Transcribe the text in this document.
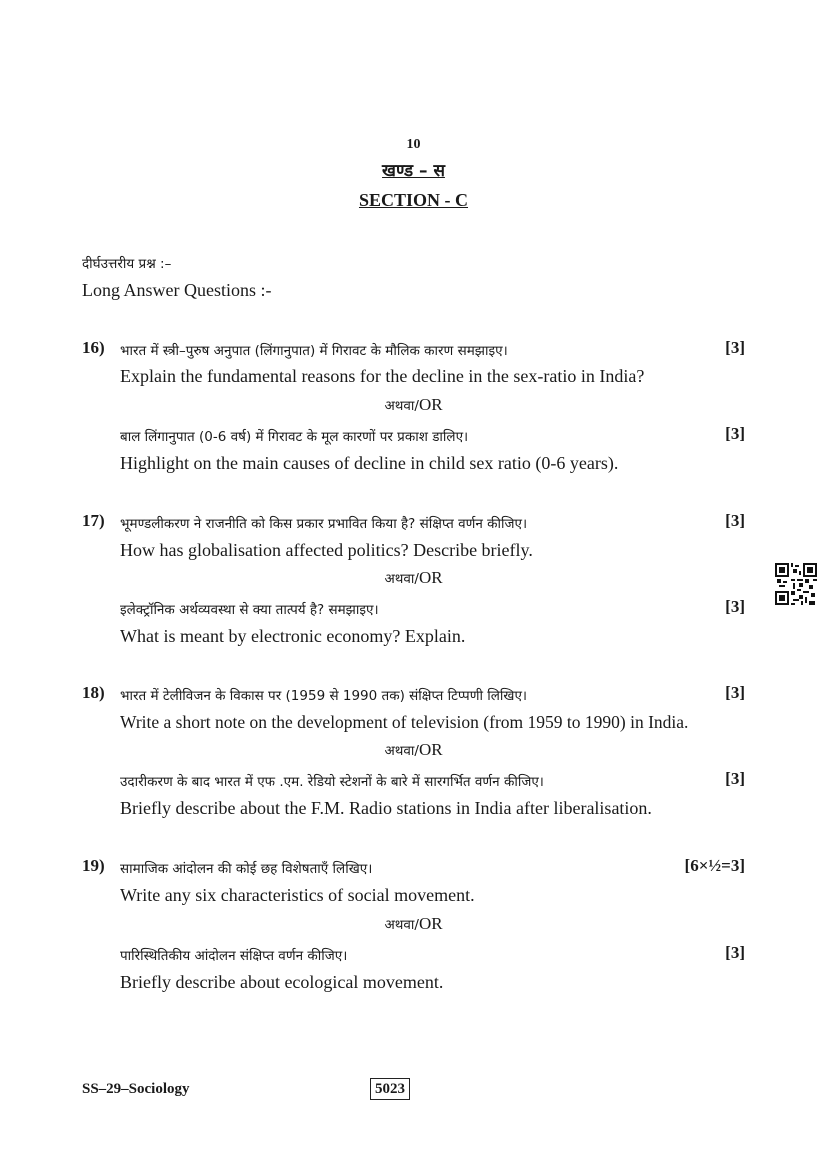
10
खण्ड – स
SECTION - C
दीर्घउत्तरीय प्रश्न :–
Long Answer Questions :-
16) भारत में स्त्री–पुरुष अनुपात (लिंगानुपात) में गिरावट के मौलिक कारण समझाइए।	[3]
Explain the fundamental reasons for the decline in the sex-ratio in India?
अथवा/OR
बाल लिंगानुपात (0-6 वर्ष) में गिरावट के मूल कारणों पर प्रकाश डालिए।	[3]
Highlight on the main causes of decline in child sex ratio (0-6 years).
17) भूमण्डलीकरण ने राजनीति को किस प्रकार प्रभावित किया है? संक्षिप्त वर्णन कीजिए।	[3]
How has globalisation affected politics? Describe briefly.
अथवा/OR
इलेक्ट्रॉनिक अर्थव्यवस्था से क्या तात्पर्य है? समझाइए।	[3]
What is meant by electronic economy? Explain.
18) भारत में टेलीविजन के विकास पर (1959 से 1990 तक) संक्षिप्त टिप्पणी लिखिए।	[3]
Write a short note on the development of television (from 1959 to 1990) in India.
अथवा/OR
उदारीकरण के बाद भारत में एफ .एम. रेडियो स्टेशनों के बारे में सारगर्भित वर्णन कीजिए।	[3]
Briefly describe about the F.M. Radio stations in India after liberalisation.
19) सामाजिक आंदोलन की कोई छह विशेषताएँ लिखिए।	[6×½=3]
Write any six characteristics of social movement.
अथवा/OR
पारिस्थितिकीय आंदोलन संक्षिप्त वर्णन कीजिए।	[3]
Briefly describe about ecological movement.
SS–29–Sociology	5023
